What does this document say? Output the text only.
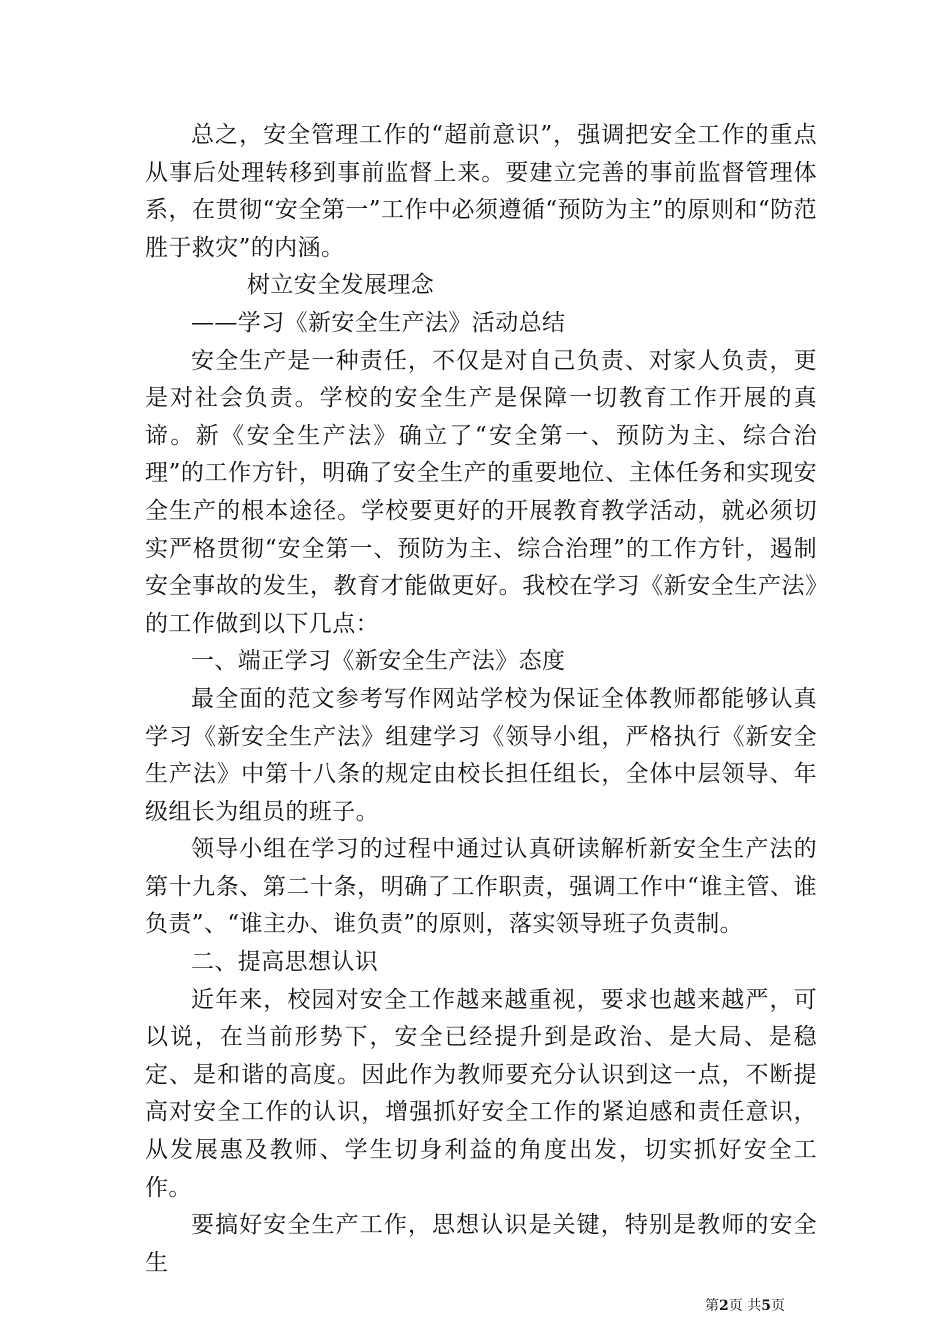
总之，安全管理工作的“超前意识”，强调把安全工作的重点从事后处理转移到事前监督上来。要建立完善的事前监督管理体系，在贯彻“安全第一”工作中必须遵循“预防为主”的原则和“防范胜于救灾”的内涵。

树立安全发展理念

——学习《新安全生产法》活动总结

安全生产是一种责任，不仅是对自己负责、对家人负责，更是对社会负责。学校的安全生产是保障一切教育工作开展的真谛。新《安全生产法》确立了“安全第一、预防为主、综合治理”的工作方针，明确了安全生产的重要地位、主体任务和实现安全生产的根本途径。学校要更好的开展教育教学活动，就必须切实严格贯彻“安全第一、预防为主、综合治理”的工作方针，遏制安全事故的发生，教育才能做更好。我校在学习《新安全生产法》的工作做到以下几点：

一、端正学习《新安全生产法》态度

最全面的范文参考写作网站学校为保证全体教师都能够认真学习《新安全生产法》组建学习《领导小组，严格执行《新安全生产法》中第十八条的规定由校长担任组长，全体中层领导、年级组长为组员的班子。

领导小组在学习的过程中通过认真研读解析新安全生产法的第十九条、第二十条，明确了工作职责，强调工作中“谁主管、谁负责”、“谁主办、谁负责”的原则，落实领导班子负责制。

二、提高思想认识

近年来，校园对安全工作越来越重视，要求也越来越严，可以说，在当前形势下，安全已经提升到是政治、是大局、是稳定、是和谐的高度。因此作为教师要充分认识到这一点，不断提高对安全工作的认识，增强抓好安全工作的紧迫感和责任意识，从发展惠及教师、学生切身利益的角度出发，切实抓好安全工作。

要搞好安全生产工作，思想认识是关键，特别是教师的安全生

第2页 共5页
